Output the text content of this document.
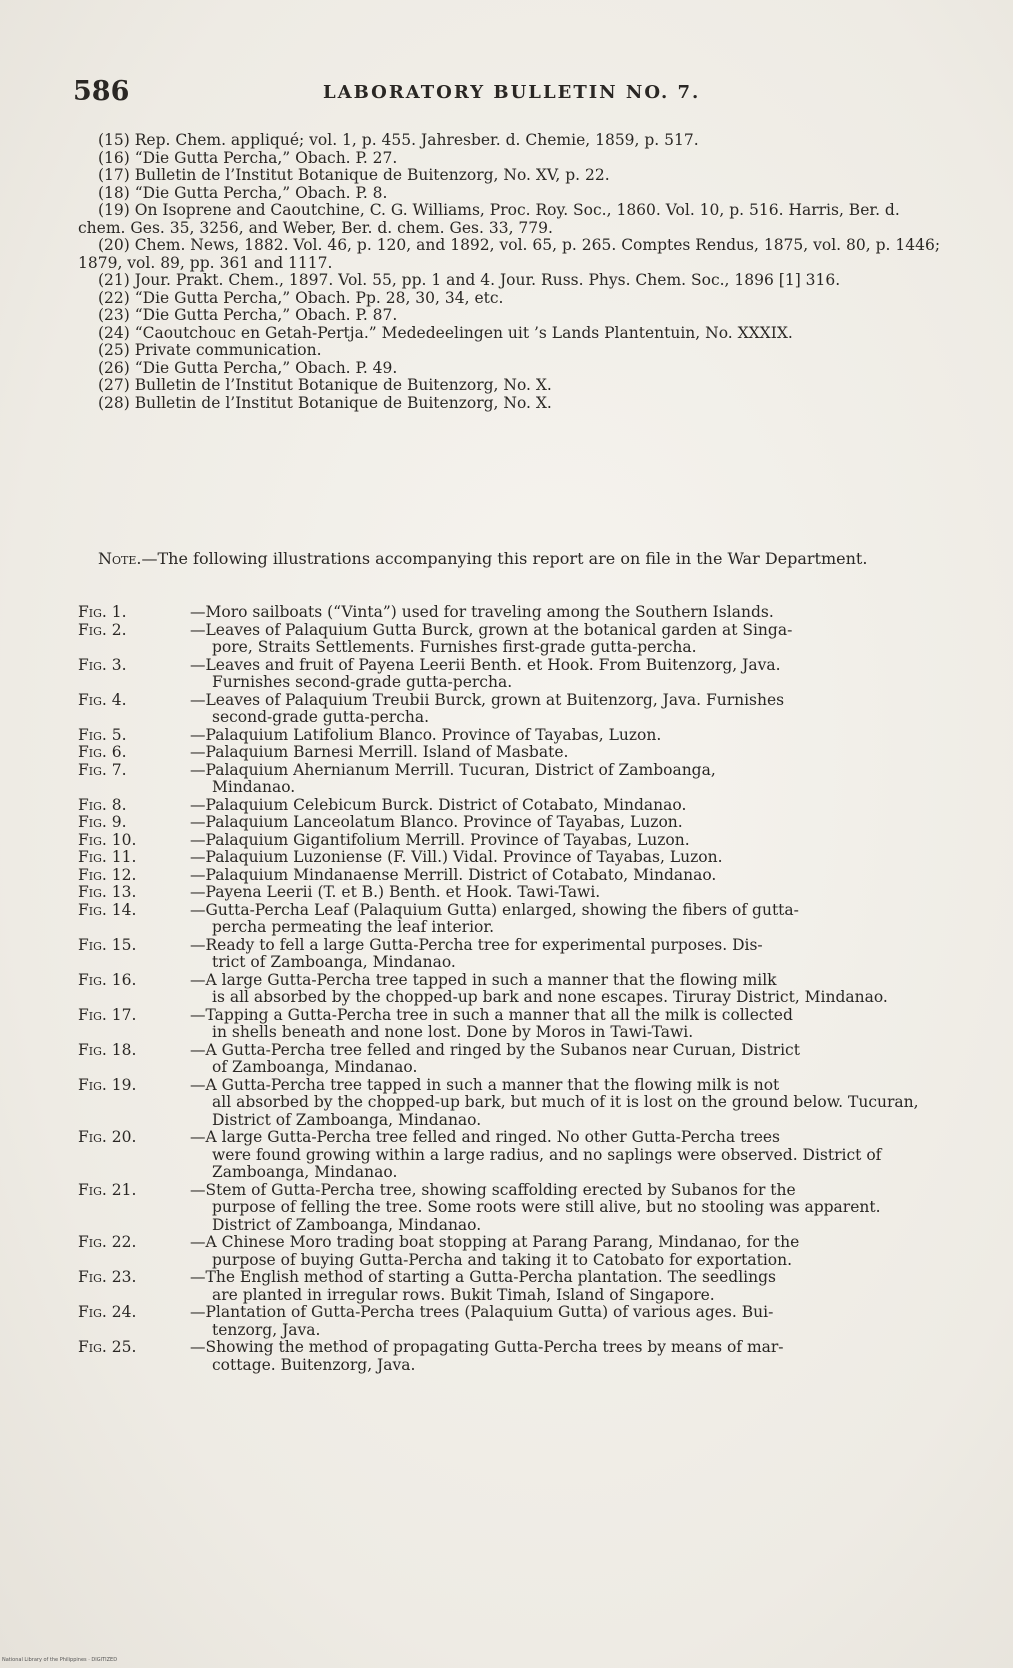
586	LABORATORY BULLETIN NO. 7.

(15) Rep. Chem. appliqué; vol. 1, p. 455. Jahresber. d. Chemie, 1859, p. 517.

(16) “Die Gutta Percha,” Obach. P. 27.

(17) Bulletin de l’Institut Botanique de Buitenzorg, No. XV, p. 22.

(18) “Die Gutta Percha,” Obach. P. 8.

(19) On Isoprene and Caoutchine, C. G. Williams, Proc. Roy. Soc., 1860. Vol. 10, p. 516. Harris, Ber. d. chem. Ges. 35, 3256, and Weber, Ber. d. chem. Ges. 33, 779.

(20) Chem. News, 1882. Vol. 46, p. 120, and 1892, vol. 65, p. 265. Comptes Rendus, 1875, vol. 80, p. 1446; 1879, vol. 89, pp. 361 and 1117.

(21) Jour. Prakt. Chem., 1897. Vol. 55, pp. 1 and 4. Jour. Russ. Phys. Chem. Soc., 1896 [1] 316.

(22) “Die Gutta Percha,” Obach. Pp. 28, 30, 34, etc.

(23) “Die Gutta Percha,” Obach. P. 87.

(24) “Caoutchouc en Getah-Pertja.” Mededeelingen uit ’s Lands Plantentuin, No. XXXIX.

(25) Private communication.

(26) “Die Gutta Percha,” Obach. P. 49.

(27) Bulletin de l’Institut Botanique de Buitenzorg, No. X.

(28) Bulletin de l’Institut Botanique de Buitenzorg, No. X.

Note.—The following illustrations accompanying this report are on file in the War Department.

Fig. 1.	—Moro sailboats (“Vinta”) used for traveling among the Southern Islands.
Fig. 2.	—Leaves of Palaquium Gutta Burck, grown at the botanical garden at Singa-
pore, Straits Settlements. Furnishes first-grade gutta-percha.
Fig. 3.	—Leaves and fruit of Payena Leerii Benth. et Hook. From Buitenzorg, Java.
Furnishes second-grade gutta-percha.
Fig. 4.	—Leaves of Palaquium Treubii Burck, grown at Buitenzorg, Java. Furnishes
second-grade gutta-percha.
Fig. 5.	—Palaquium Latifolium Blanco. Province of Tayabas, Luzon.
Fig. 6.	—Palaquium Barnesi Merrill. Island of Masbate.
Fig. 7.	—Palaquium Ahernianum Merrill. Tucuran, District of Zamboanga,
Mindanao.
Fig. 8.	—Palaquium Celebicum Burck. District of Cotabato, Mindanao.
Fig. 9.	—Palaquium Lanceolatum Blanco. Province of Tayabas, Luzon.
Fig. 10.	—Palaquium Gigantifolium Merrill. Province of Tayabas, Luzon.
Fig. 11.	—Palaquium Luzoniense (F. Vill.) Vidal. Province of Tayabas, Luzon.
Fig. 12.	—Palaquium Mindanaense Merrill. District of Cotabato, Mindanao.
Fig. 13.	—Payena Leerii (T. et B.) Benth. et Hook. Tawi-Tawi.
Fig. 14.	—Gutta-Percha Leaf (Palaquium Gutta) enlarged, showing the fibers of gutta-
percha permeating the leaf interior.
Fig. 15.	—Ready to fell a large Gutta-Percha tree for experimental purposes. Dis-
trict of Zamboanga, Mindanao.
Fig. 16.	—A large Gutta-Percha tree tapped in such a manner that the flowing milk
is all absorbed by the chopped-up bark and none escapes. Tiruray District, Mindanao.
Fig. 17.	—Tapping a Gutta-Percha tree in such a manner that all the milk is collected
in shells beneath and none lost. Done by Moros in Tawi-Tawi.
Fig. 18.	—A Gutta-Percha tree felled and ringed by the Subanos near Curuan, District
of Zamboanga, Mindanao.
Fig. 19.	—A Gutta-Percha tree tapped in such a manner that the flowing milk is not
all absorbed by the chopped-up bark, but much of it is lost on the ground below. Tucuran, District of Zamboanga, Mindanao.
Fig. 20.	—A large Gutta-Percha tree felled and ringed. No other Gutta-Percha trees
were found growing within a large radius, and no saplings were observed. District of Zamboanga, Mindanao.
Fig. 21.	—Stem of Gutta-Percha tree, showing scaffolding erected by Subanos for the
purpose of felling the tree. Some roots were still alive, but no stooling was apparent. District of Zamboanga, Mindanao.
Fig. 22.	—A Chinese Moro trading boat stopping at Parang Parang, Mindanao, for the
purpose of buying Gutta-Percha and taking it to Catobato for exportation.
Fig. 23.	—The English method of starting a Gutta-Percha plantation. The seedlings
are planted in irregular rows. Bukit Timah, Island of Singapore.
Fig. 24.	—Plantation of Gutta-Percha trees (Palaquium Gutta) of various ages. Bui-
tenzorg, Java.
Fig. 25.	—Showing the method of propagating Gutta-Percha trees by means of mar-
cottage. Buitenzorg, Java.
National Library of the Philippines · DIGITIZED
